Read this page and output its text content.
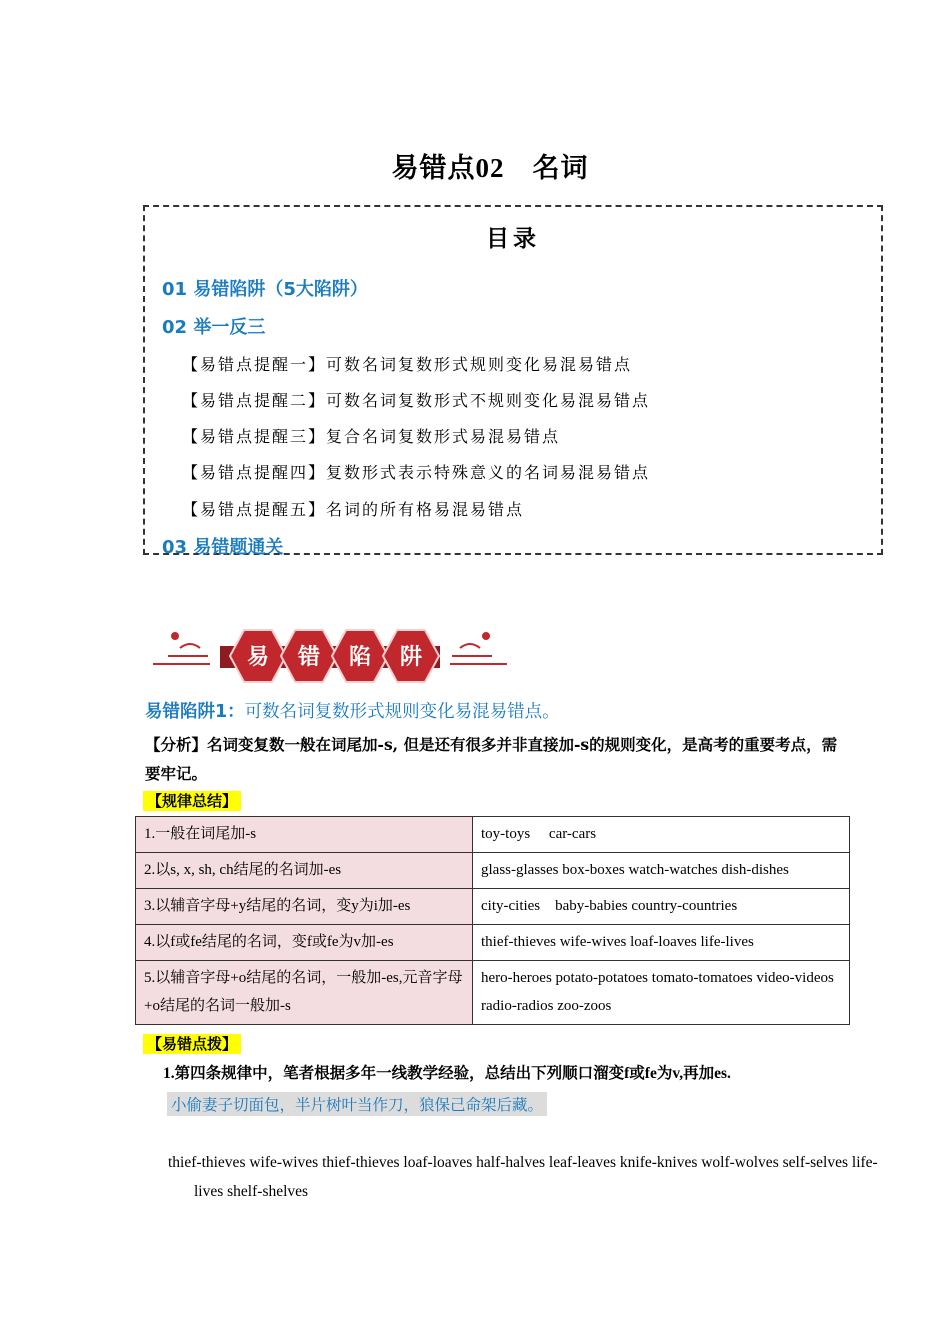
易错点02　名词
目录
01 易错陷阱（5大陷阱）
02 举一反三
【易错点提醒一】可数名词复数形式规则变化易混易错点
【易错点提醒二】可数名词复数形式不规则变化易混易错点
【易错点提醒三】复合名词复数形式易混易错点
【易错点提醒四】复数形式表示特殊意义的名词易混易错点
【易错点提醒五】名词的所有格易混易错点
03 易错题通关
易 错 陷 阱
易错陷阱1：可数名词复数形式规则变化易混易错点。
【分析】名词变复数一般在词尾加-s, 但是还有很多并非直接加-s的规则变化，是高考的重要考点，需要牢记。
【规律总结】
1.一般在词尾加-s	toy-toys　 car-cars
2.以s, x, sh, ch结尾的名词加-es	glass-glasses box-boxes watch-watches dish-dishes
3.以辅音字母+y结尾的名词，变y为i加-es	city-cities　baby-babies country-countries
4.以f或fe结尾的名词，变f或fe为v加-es	thief-thieves wife-wives loaf-loaves life-lives
5.以辅音字母+o结尾的名词，一般加-es,元音字母+o结尾的名词一般加-s	hero-heroes potato-potatoes tomato-tomatoes video-videos radio-radios zoo-zoos
【易错点拨】
1.第四条规律中，笔者根据多年一线教学经验，总结出下列顺口溜变f或fe为v,再加es.
小偷妻子切面包，半片树叶当作刀，狼保己命架后藏。
thief-thieves wife-wives thief-thieves loaf-loaves half-halves leaf-leaves knife-knives wolf-wolves self-selves life-lives shelf-shelves
